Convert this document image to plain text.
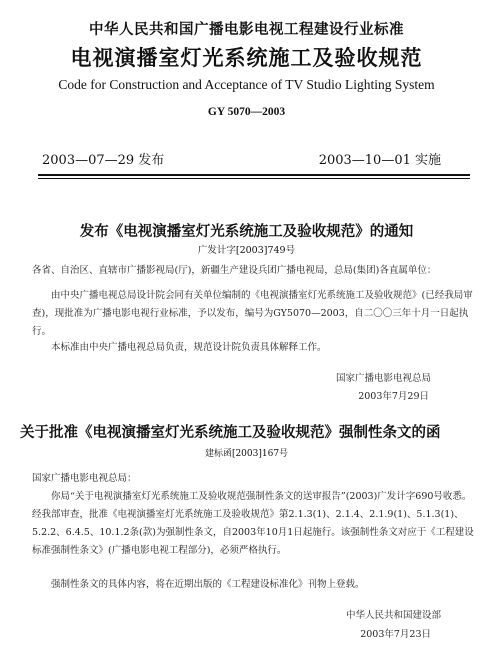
中华人民共和国广播电影电视工程建设行业标准
电视演播室灯光系统施工及验收规范
Code for Construction and Acceptance of TV Studio Lighting System
GY 5070—2003
2003—07—29 发布	2003—10—01 实施
发布《电视演播室灯光系统施工及验收规范》的通知
广发计字[2003]749号
各省、自治区、直辖市广播影视局(厅)，新疆生产建设兵团广播电视局，总局(集团)各直属单位：
由中央广播电视总局设计院会同有关单位编制的《电视演播室灯光系统施工及验收规范》(已经我局审查)，现批准为广播电影电视行业标准，予以发布，编号为GY5070—2003，自二〇〇三年十月一日起执行。
本标准由中央广播电视总局负责，规范设计院负责具体解释工作。
国家广播电影电视总局
2003年7月29日
关于批准《电视演播室灯光系统施工及验收规范》强制性条文的函
建标函[2003]167号
国家广播电影电视总局：
你局“关于电视演播室灯光系统施工及验收规范强制性条文的送审报告”(2003)广发计字690号收悉。经我部审查，批准《电视演播室灯光系统施工及验收规范》第2.1.3(1)、2.1.4、2.1.9(1)、5.1.3(1)、5.2.2、6.4.5、10.1.2条(款)为强制性条文，自2003年10月1日起施行。该强制性条文对应于《工程建设标准强制性条文》(广播电影电视工程部分)，必须严格执行。
强制性条文的具体内容，将在近期出版的《工程建设标准化》刊物上登载。
中华人民共和国建设部
2003年7月23日
